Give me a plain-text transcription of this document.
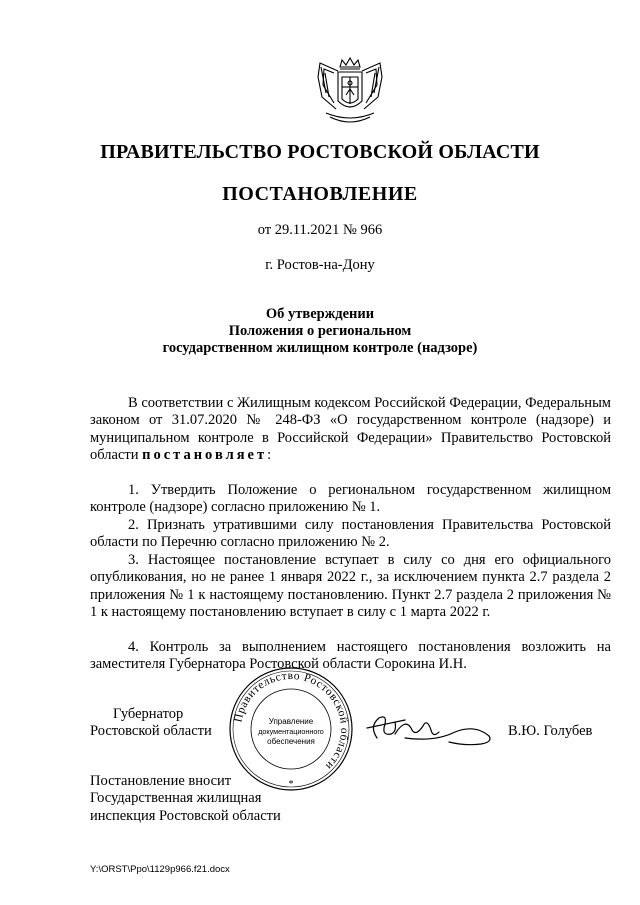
ПРАВИТЕЛЬСТВО РОСТОВСКОЙ ОБЛАСТИ
ПОСТАНОВЛЕНИЕ
от 29.11.2021 № 966
г. Ростов-на-Дону
Об утверждении
Положения о региональном
государственном жилищном контроле (надзоре)
В соответствии с Жилищным кодексом Российской Федерации, Федеральным законом от 31.07.2020 № 248-ФЗ «О государственном контроле (надзоре) и муниципальном контроле в Российской Федерации» Правительство Ростовской области постановляет:
1. Утвердить Положение о региональном государственном жилищном контроле (надзоре) согласно приложению № 1.
2. Признать утратившими силу постановления Правительства Ростовской области по Перечню согласно приложению № 2.
3. Настоящее постановление вступает в силу со дня его официального опубликования, но не ранее 1 января 2022 г., за исключением пункта 2.7 раздела 2 приложения № 1 к настоящему постановлению. Пункт 2.7 раздела 2 приложения № 1 к настоящему постановлению вступает в силу с 1 марта 2022 г.
4. Контроль за выполнением настоящего постановления возложить на заместителя Губернатора Ростовской области Сорокина И.Н.
Губернатор
Ростовской области
Правительство Ростовской области
Управление
документационного
обеспечения
*
В.Ю. Голубев
Постановление вносит
Государственная жилищная
инспекция Ростовской области
Y:\ORST\Ppo\1129p966.f21.docx
